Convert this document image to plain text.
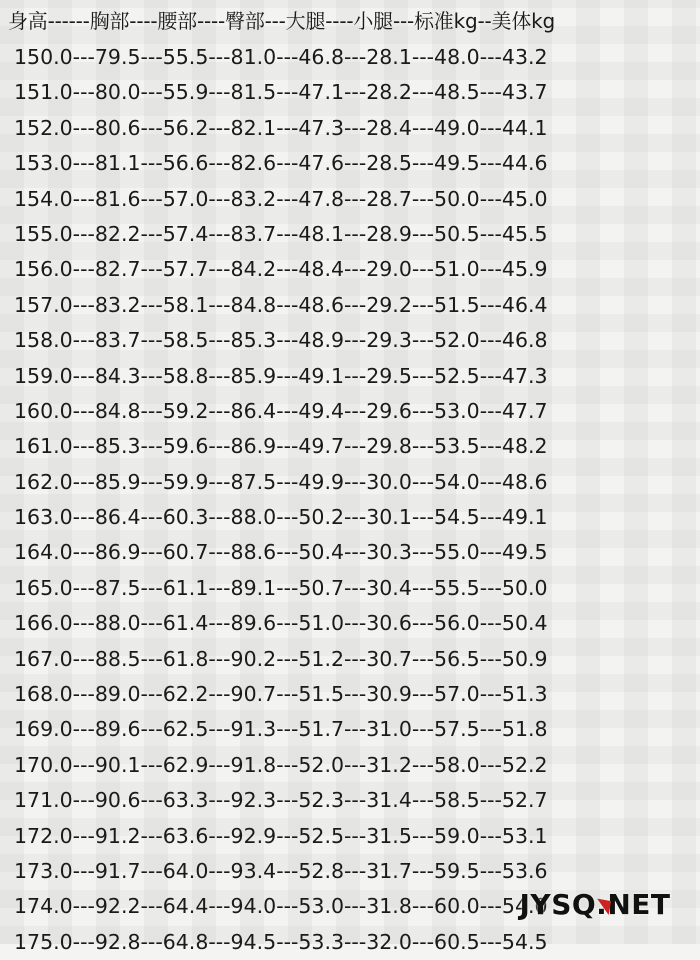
身高------胸部----腰部----臀部---大腿----小腿---标准kg--美体kg
150.0---79.5---55.5---81.0---46.8---28.1---48.0---43.2
151.0---80.0---55.9---81.5---47.1---28.2---48.5---43.7
152.0---80.6---56.2---82.1---47.3---28.4---49.0---44.1
153.0---81.1---56.6---82.6---47.6---28.5---49.5---44.6
154.0---81.6---57.0---83.2---47.8---28.7---50.0---45.0
155.0---82.2---57.4---83.7---48.1---28.9---50.5---45.5
156.0---82.7---57.7---84.2---48.4---29.0---51.0---45.9
157.0---83.2---58.1---84.8---48.6---29.2---51.5---46.4
158.0---83.7---58.5---85.3---48.9---29.3---52.0---46.8
159.0---84.3---58.8---85.9---49.1---29.5---52.5---47.3
160.0---84.8---59.2---86.4---49.4---29.6---53.0---47.7
161.0---85.3---59.6---86.9---49.7---29.8---53.5---48.2
162.0---85.9---59.9---87.5---49.9---30.0---54.0---48.6
163.0---86.4---60.3---88.0---50.2---30.1---54.5---49.1
164.0---86.9---60.7---88.6---50.4---30.3---55.0---49.5
165.0---87.5---61.1---89.1---50.7---30.4---55.5---50.0
166.0---88.0---61.4---89.6---51.0---30.6---56.0---50.4
167.0---88.5---61.8---90.2---51.2---30.7---56.5---50.9
168.0---89.0---62.2---90.7---51.5---30.9---57.0---51.3
169.0---89.6---62.5---91.3---51.7---31.0---57.5---51.8
170.0---90.1---62.9---91.8---52.0---31.2---58.0---52.2
171.0---90.6---63.3---92.3---52.3---31.4---58.5---52.7
172.0---91.2---63.6---92.9---52.5---31.5---59.0---53.1
173.0---91.7---64.0---93.4---52.8---31.7---59.5---53.6
174.0---92.2---64.4---94.0---53.0---31.8---60.0---54.0
175.0---92.8---64.8---94.5---53.3---32.0---60.5---54.5
JYSQ.NET
